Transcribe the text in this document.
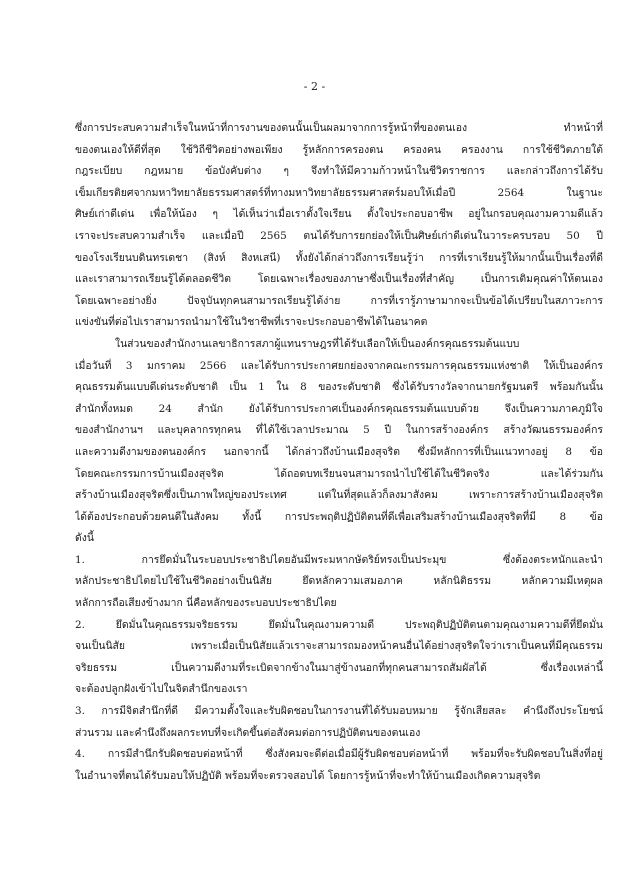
- 2 -
ซึ่งการประสบความสำเร็จในหน้าที่การงานของตนนั้นเป็นผลมาจากการรู้หน้าที่ของตนเอง ทำหน้าที่
ของตนเองให้ดีที่สุด ใช้วิถีชีวิตอย่างพอเพียง รู้หลักการครองตน ครองคน ครองงาน การใช้ชีวิตภายใต้
กฎระเบียบ กฎหมาย ข้อบังคับต่าง ๆ จึงทำให้มีความก้าวหน้าในชีวิตราชการ และกล่าวถึงการได้รับ
เข็มเกียรติยศจากมหาวิทยาลัยธรรมศาสตร์ที่ทางมหาวิทยาลัยธรรมศาสตร์มอบให้เมื่อปี 2564 ในฐานะ
ศิษย์เก่าดีเด่น เพื่อให้น้อง ๆ ได้เห็นว่าเมื่อเราตั้งใจเรียน ตั้งใจประกอบอาชีพ อยู่ในกรอบคุณงามความดีแล้ว
เราจะประสบความสำเร็จ และเมื่อปี 2565 ตนได้รับการยกย่องให้เป็นศิษย์เก่าดีเด่นในวาระครบรอบ 50 ปี
ของโรงเรียนบดินทรเดชา (สิงห์ สิงหเสนี) ทั้งยังได้กล่าวถึงการเรียนรู้ว่า การที่เราเรียนรู้ให้มากนั้นเป็นเรื่องที่ดี
และเราสามารถเรียนรู้ได้ตลอดชีวิต โดยเฉพาะเรื่องของภาษาซึ่งเป็นเรื่องที่สำคัญ เป็นการเติมคุณค่าให้ตนเอง
โดยเฉพาะอย่างยิ่ง ปัจจุบันทุกคนสามารถเรียนรู้ได้ง่าย การที่เรารู้ภาษามากจะเป็นข้อได้เปรียบในสภาวะการ
แข่งขันที่ต่อไปเราสามารถนำมาใช้ในวิชาชีพที่เราจะประกอบอาชีพได้ในอนาคต
ในส่วนของสำนักงานเลขาธิการสภาผู้แทนราษฎรที่ได้รับเลือกให้เป็นองค์กรคุณธรรมต้นแบบ
เมื่อวันที่ 3 มกราคม 2566 และได้รับการประกาศยกย่องจากคณะกรรมการคุณธรรมแห่งชาติ ให้เป็นองค์กร
คุณธรรมต้นแบบดีเด่นระดับชาติ เป็น 1 ใน 8 ของระดับชาติ ซึ่งได้รับรางวัลจากนายกรัฐมนตรี พร้อมกันนั้น
สำนักทั้งหมด 24 สำนัก ยังได้รับการประกาศเป็นองค์กรคุณธรรมต้นแบบด้วย จึงเป็นความภาคภูมิใจ
ของสำนักงานฯ และบุคลากรทุกคน ที่ได้ใช้เวลาประมาณ 5 ปี ในการสร้างองค์กร สร้างวัฒนธรรมองค์กร
และความดีงามของตนองค์กร นอกจากนี้ ได้กล่าวถึงบ้านเมืองสุจริต ซึ่งมีหลักการที่เป็นแนวทางอยู่ 8 ข้อ
โดยคณะกรรมการบ้านเมืองสุจริต ได้ถอดบทเรียนจนสามารถนำไปใช้ได้ในชีวิตจริง และได้ร่วมกัน
สร้างบ้านเมืองสุจริตซึ่งเป็นภาพใหญ่ของประเทศ แต่ในที่สุดแล้วก็ลงมาสังคม เพราะการสร้างบ้านเมืองสุจริต
ได้ต้องประกอบด้วยคนดีในสังคม ทั้งนี้ การประพฤติปฏิบัติตนที่ดีเพื่อเสริมสร้างบ้านเมืองสุจริตที่มี 8 ข้อ
ดังนี้
1. การยึดมั่นในระบอบประชาธิปไตยอันมีพระมหากษัตริย์ทรงเป็นประมุข ซึ่งต้องตระหนักและนำ
หลักประชาธิปไตยไปใช้ในชีวิตอย่างเป็นนิสัย ยึดหลักความเสมอภาค หลักนิติธรรม หลักความมีเหตุผล
หลักการถือเสียงข้างมาก นี่คือหลักของระบอบประชาธิปไตย
2. ยึดมั่นในคุณธรรมจริยธรรม ยึดมั่นในคุณงามความดี ประพฤติปฏิบัติตนตามคุณงามความดีที่ยึดมั่น
จนเป็นนิสัย เพราะเมื่อเป็นนิสัยแล้วเราจะสามารถมองหน้าคนอื่นได้อย่างสุจริตใจว่าเราเป็นคนที่มีคุณธรรม
จริยธรรม เป็นความดีงามที่ระเบิดจากข้างในมาสู่ข้างนอกที่ทุกคนสามารถสัมผัสได้ ซึ่งเรื่องเหล่านี้
จะต้องปลูกฝังเข้าไปในจิตสำนึกของเรา
3. การมีจิตสำนึกที่ดี มีความตั้งใจและรับผิดชอบในการงานที่ได้รับมอบหมาย รู้จักเสียสละ คำนึงถึงประโยชน์
ส่วนรวม และคำนึงถึงผลกระทบที่จะเกิดขึ้นต่อสังคมต่อการปฏิบัติตนของตนเอง
4. การมีสำนึกรับผิดชอบต่อหน้าที่ ซึ่งสังคมจะดีต่อเมื่อมีผู้รับผิดชอบต่อหน้าที่ พร้อมที่จะรับผิดชอบในสิ่งที่อยู่
ในอำนาจที่ตนได้รับมอบให้ปฏิบัติ พร้อมที่จะตรวจสอบได้ โดยการรู้หน้าที่จะทำให้บ้านเมืองเกิดความสุจริต
